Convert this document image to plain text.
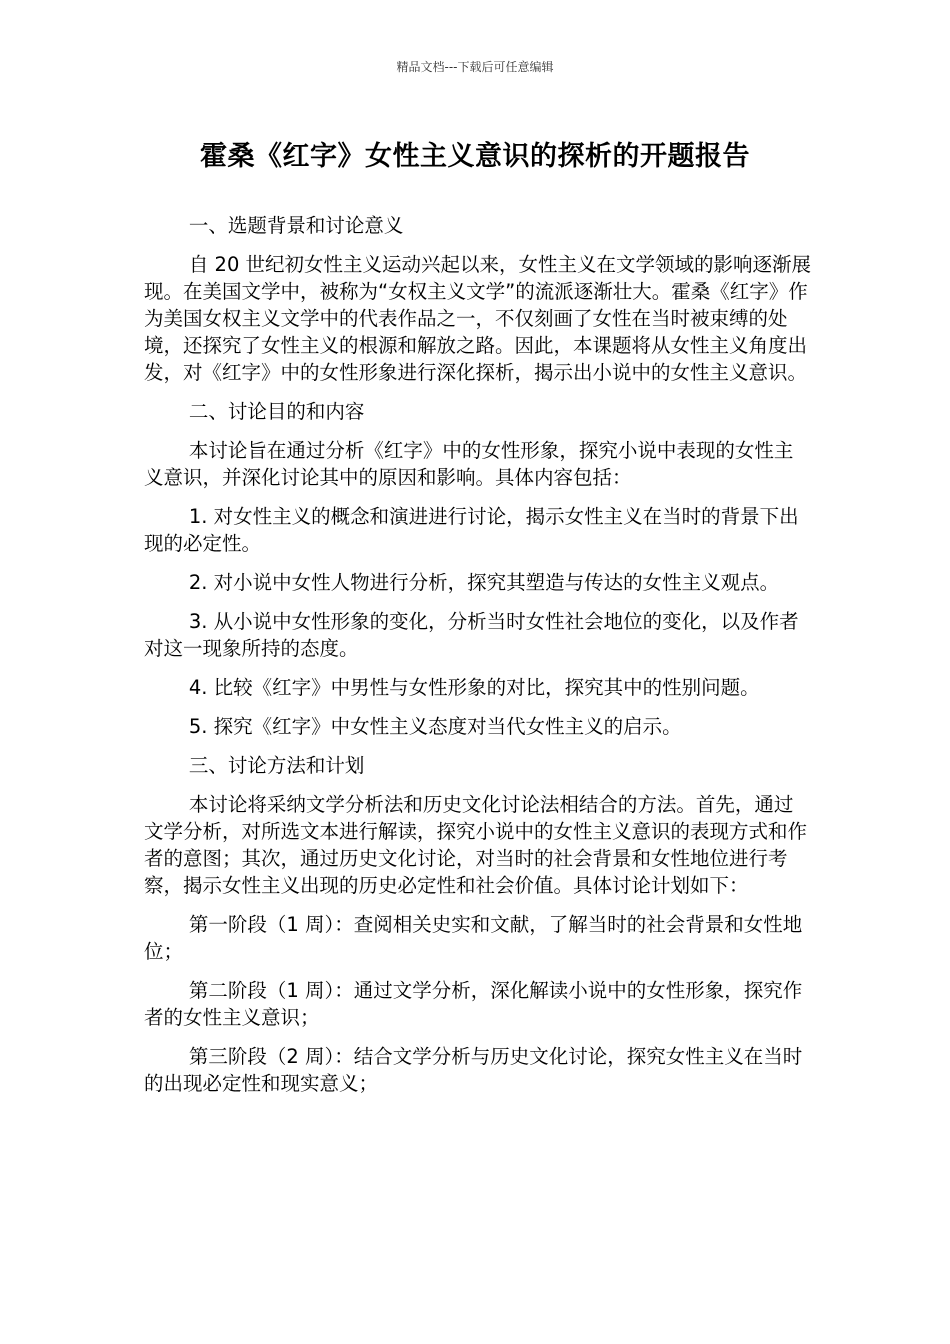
精品文档---下载后可任意编辑
霍桑《红字》女性主义意识的探析的开题报告

一、选题背景和讨论意义

自 20 世纪初女性主义运动兴起以来，女性主义在文学领域的影响逐渐展现。在美国文学中，被称为“女权主义文学”的流派逐渐壮大。霍桑《红字》作为美国女权主义文学中的代表作品之一，不仅刻画了女性在当时被束缚的处境，还探究了女性主义的根源和解放之路。因此，本课题将从女性主义角度出发，对《红字》中的女性形象进行深化探析，揭示出小说中的女性主义意识。

二、讨论目的和内容

本讨论旨在通过分析《红字》中的女性形象，探究小说中表现的女性主义意识，并深化讨论其中的原因和影响。具体内容包括：

1. 对女性主义的概念和演进进行讨论，揭示女性主义在当时的背景下出现的必定性。

2. 对小说中女性人物进行分析，探究其塑造与传达的女性主义观点。

3. 从小说中女性形象的变化，分析当时女性社会地位的变化，以及作者对这一现象所持的态度。

4. 比较《红字》中男性与女性形象的对比，探究其中的性别问题。

5. 探究《红字》中女性主义态度对当代女性主义的启示。

三、讨论方法和计划

本讨论将采纳文学分析法和历史文化讨论法相结合的方法。首先，通过文学分析，对所选文本进行解读，探究小说中的女性主义意识的表现方式和作者的意图；其次，通过历史文化讨论，对当时的社会背景和女性地位进行考察，揭示女性主义出现的历史必定性和社会价值。具体讨论计划如下：

第一阶段（1 周）：查阅相关史实和文献，了解当时的社会背景和女性地位；

第二阶段（1 周）：通过文学分析，深化解读小说中的女性形象，探究作者的女性主义意识；

第三阶段（2 周）：结合文学分析与历史文化讨论，探究女性主义在当时的出现必定性和现实意义；
